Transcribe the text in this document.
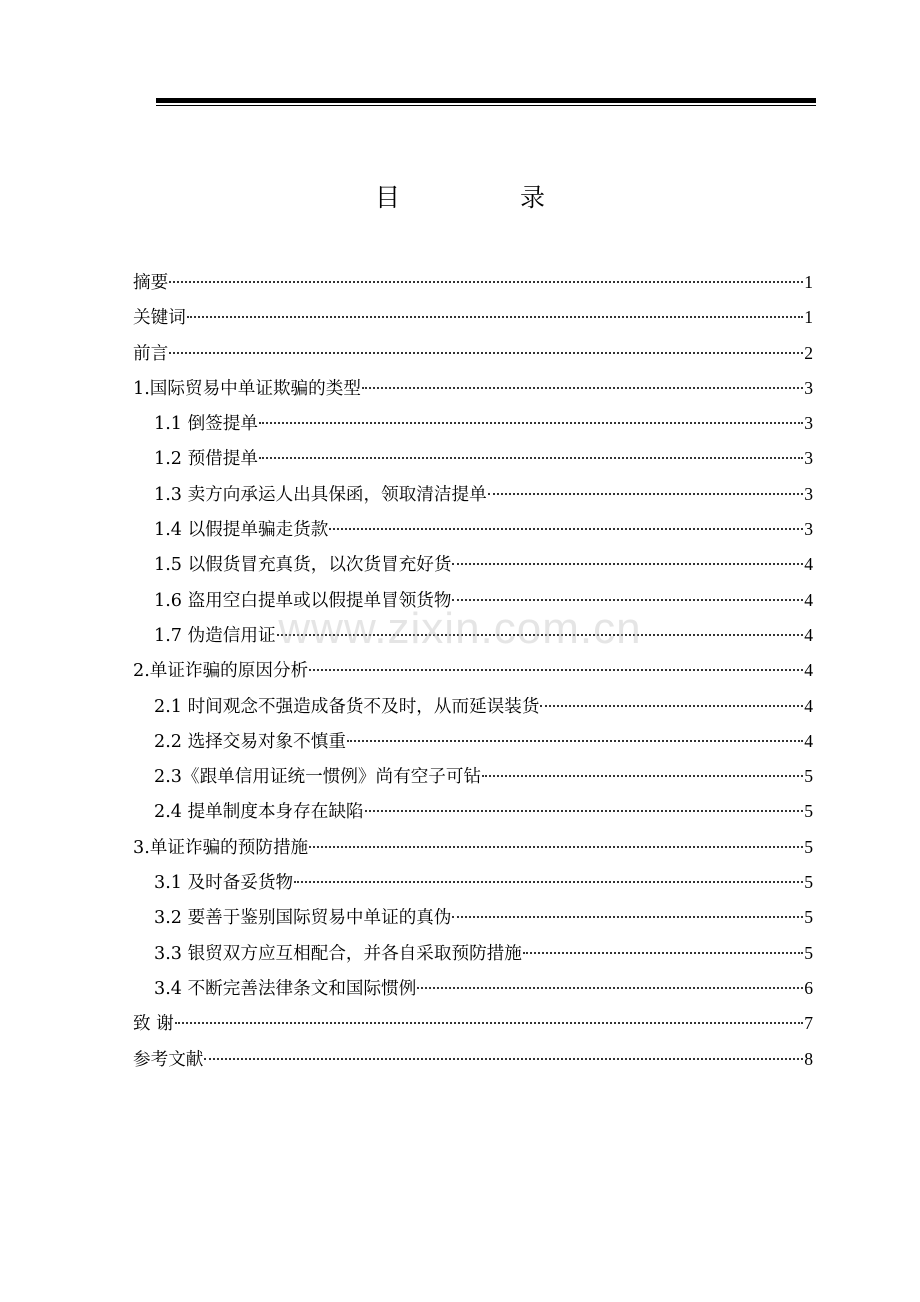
目 录
摘要	1
关键词	1
前言	2
1.国际贸易中单证欺骗的类型	3
1.1 倒签提单	3
1.2 预借提单	3
1.3 卖方向承运人出具保函，领取清洁提单	3
1.4 以假提单骗走货款	3
1.5 以假货冒充真货，以次货冒充好货	4
1.6 盗用空白提单或以假提单冒领货物	4
1.7 伪造信用证	4
2.单证诈骗的原因分析	4
2.1 时间观念不强造成备货不及时，从而延误装货	4
2.2 选择交易对象不慎重	4
2.3《跟单信用证统一惯例》尚有空子可钻	5
2.4 提单制度本身存在缺陷	5
3.单证诈骗的预防措施	5
3.1 及时备妥货物	5
3.2 要善于鉴别国际贸易中单证的真伪	5
3.3 银贸双方应互相配合，并各自采取预防措施	5
3.4 不断完善法律条文和国际惯例	6
致 谢	7
参考文献	8
www.zixin.com.cn
